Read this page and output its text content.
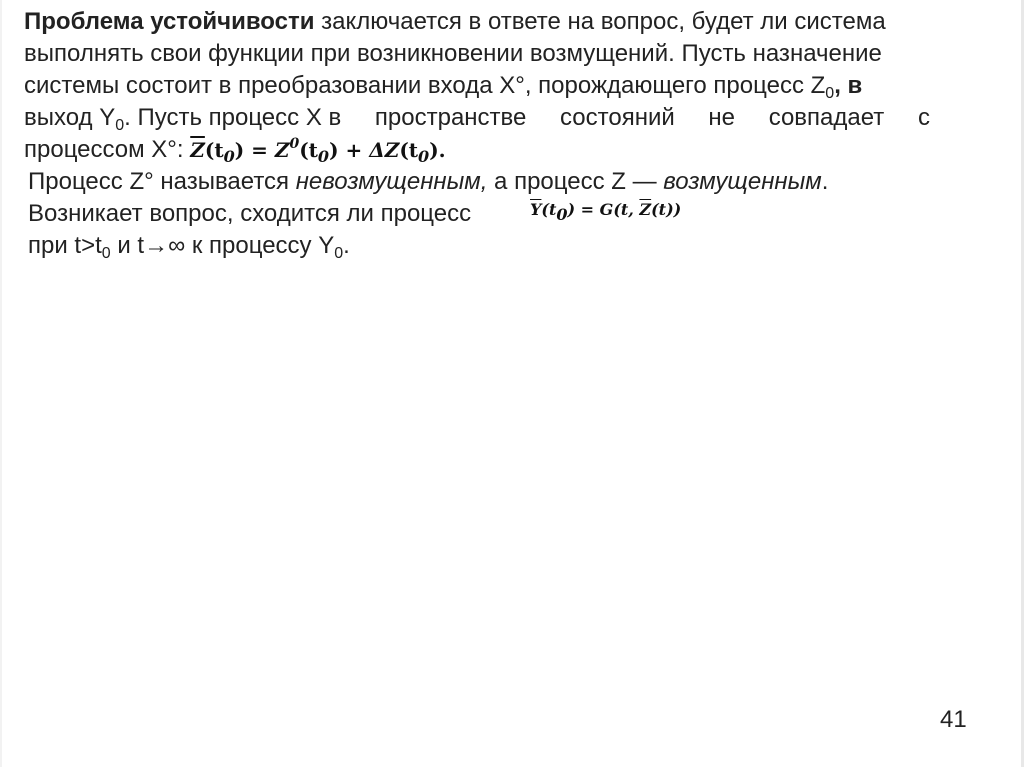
Проблема устойчивости заключается в ответе на вопрос, будет ли система
выполнять свои функции при возникновении возмущений. Пусть назначение
системы состоит в преобразовании входа X°, порождающего процесс $Z_0$, в
выход $Y_0$. Пусть процесс X в пространстве состояний не совпадает с
процессом X°: $\overline{Z}(t_0) = Z^0(t_0) + \Delta Z(t_0)$.
Процесс Z° называется невозмущенным, а процесс Z — возмущенным.
Возникает вопрос, сходится ли процесс
при $t>t_0$ и t→∞ к процессу $Y_0$.
$\overline{Y}(t_0) = G(t$, $\overline{Z}(t)$)
41
